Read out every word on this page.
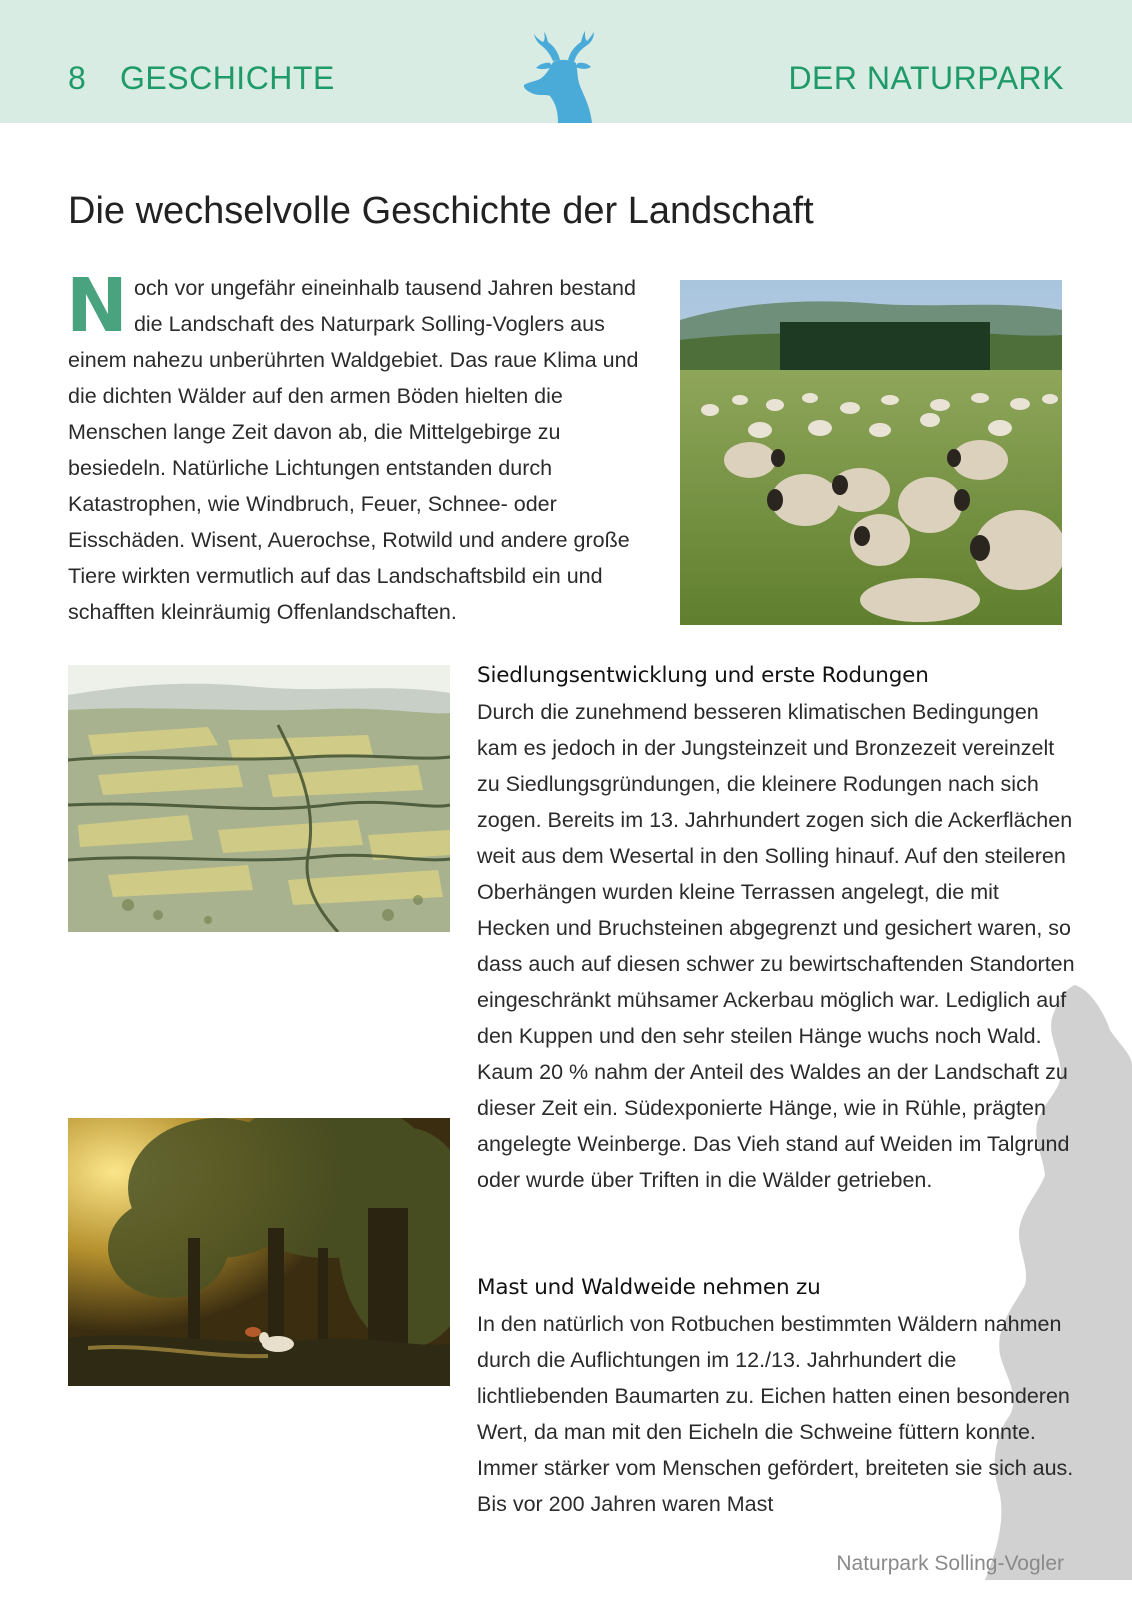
8 GESCHICHTE	DER NATURPARK
Die wechselvolle Geschichte der Landschaft

Noch vor ungefähr eineinhalb tausend Jahren bestand die Landschaft des Naturpark Solling-Voglers aus einem nahezu unberührten Waldgebiet. Das raue Klima und die dichten Wälder auf den armen Böden hielten die Menschen lange Zeit davon ab, die Mittelgebirge zu besiedeln. Natürliche Lichtungen entstanden durch Katastrophen, wie Windbruch, Feuer, Schnee- oder Eisschäden. Wisent, Auerochse, Rotwild und andere große Tiere wirkten vermutlich auf das Landschaftsbild ein und schafften kleinräumig Offenlandschaften.

Siedlungsentwicklung und erste Rodungen

Durch die zunehmend besseren klimatischen Bedingungen kam es jedoch in der Jungsteinzeit und Bronzezeit vereinzelt zu Siedlungsgründungen, die kleinere Rodungen nach sich zogen. Bereits im 13. Jahrhundert zogen sich die Ackerflächen weit aus dem Wesertal in den Solling hinauf. Auf den steileren Oberhängen wurden kleine Terrassen angelegt, die mit Hecken und Bruchsteinen abgegrenzt und gesichert waren, so dass auch auf diesen schwer zu bewirtschaftenden Standorten eingeschränkt mühsamer Ackerbau möglich war. Lediglich auf den Kuppen und den sehr steilen Hänge wuchs noch Wald. Kaum 20 % nahm der Anteil des Waldes an der Landschaft zu dieser Zeit ein. Südexponierte Hänge, wie in Rühle, prägten angelegte Weinberge. Das Vieh stand auf Weiden im Talgrund oder wurde über Triften in die Wälder getrieben.

Mast und Waldweide nehmen zu

In den natürlich von Rotbuchen bestimmten Wäldern nahmen durch die Auflichtungen im 12./13. Jahrhundert die lichtliebenden Baumarten zu. Eichen hatten einen besonderen Wert, da man mit den Eicheln die Schweine füttern konnte. Immer stärker vom Menschen gefördert, breiteten sie sich aus. Bis vor 200 Jahren waren Mast

Naturpark Solling-Vogler
